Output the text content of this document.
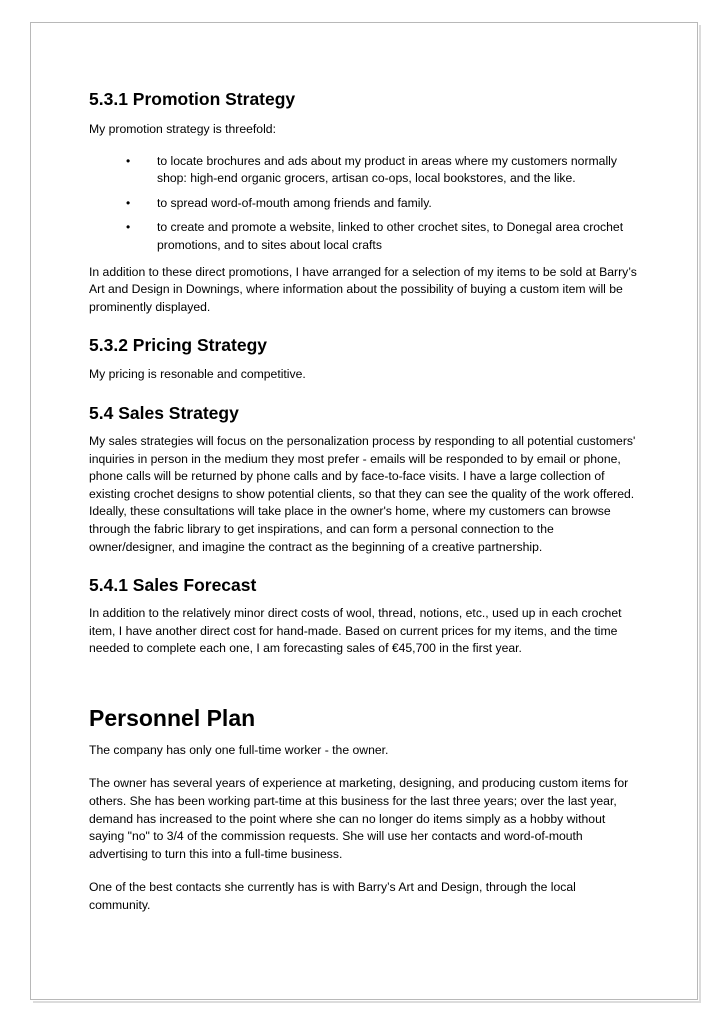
5.3.1 Promotion Strategy

My promotion strategy is threefold:

• to locate brochures and ads about my product in areas where my customers normally
shop: high-end organic grocers, artisan co-ops, local bookstores, and the like.
• to spread word-of-mouth among friends and family.
• to create and promote a website, linked to other crochet sites, to Donegal area crochet
promotions, and to sites about local crafts
In addition to these direct promotions, I have arranged for a selection of my items to be sold at Barry’s
Art and Design in Downings, where information about the possibility of buying a custom item will be
prominently displayed.
5.3.2 Pricing Strategy

My pricing is resonable and competitive.

5.4 Sales Strategy
My sales strategies will focus on the personalization process by responding to all potential customers'
inquiries in person in the medium they most prefer - emails will be responded to by email or phone,
phone calls will be returned by phone calls and by face-to-face visits. I have a large collection of
existing crochet designs to show potential clients, so that they can see the quality of the work offered.
Ideally, these consultations will take place in the owner's home, where my customers can browse
through the fabric library to get inspirations, and can form a personal connection to the
owner/designer, and imagine the contract as the beginning of a creative partnership.
5.4.1 Sales Forecast
In addition to the relatively minor direct costs of wool, thread, notions, etc., used up in each crochet
item, I have another direct cost for hand-made. Based on current prices for my items, and the time
needed to complete each one, I am forecasting sales of €45,700 in the first year.
Personnel Plan

The company has only one full-time worker - the owner.

The owner has several years of experience at marketing, designing, and producing custom items for
others. She has been working part-time at this business for the last three years; over the last year,
demand has increased to the point where she can no longer do items simply as a hobby without
saying "no" to 3/4 of the commission requests. She will use her contacts and word-of-mouth
advertising to turn this into a full-time business.
One of the best contacts she currently has is with Barry’s Art and Design, through the local
community.
